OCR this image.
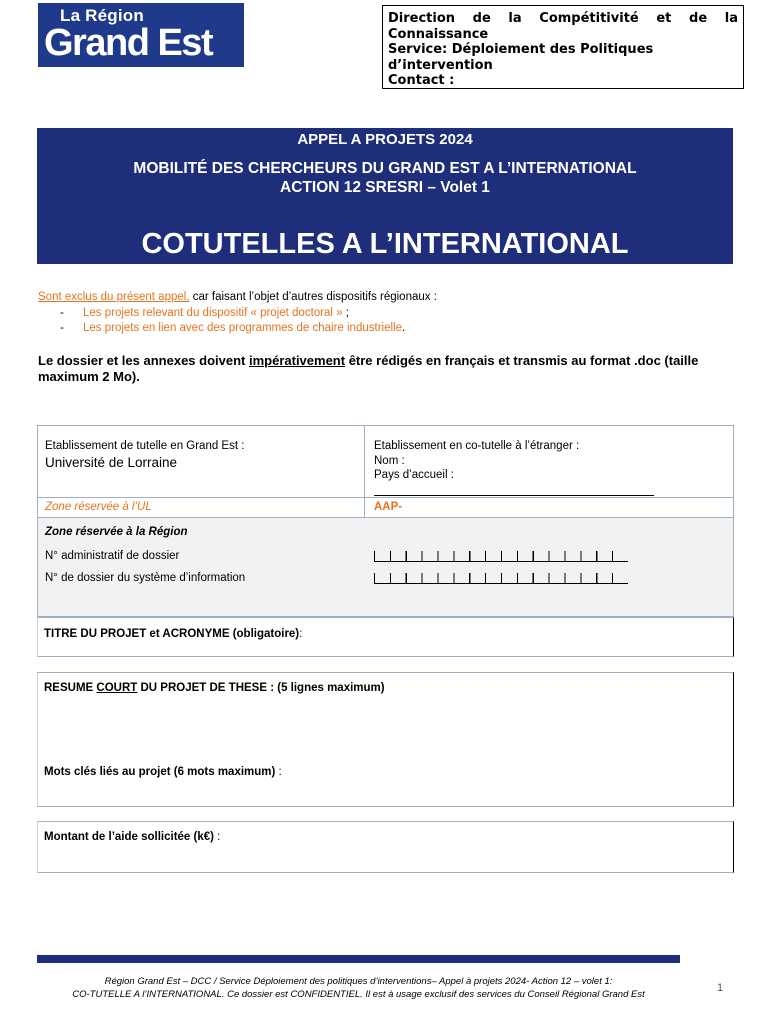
La Région
Grand Est
Direction de la Compétitivité et de la
Connaissance
Service: Déploiement des Politiques
d’intervention
Contact :
APPEL A PROJETS 2024
MOBILITÉ DES CHERCHEURS DU GRAND EST A L’INTERNATIONAL
ACTION 12 SRESRI – Volet 1
COTUTELLES A L’INTERNATIONAL
Sont exclus du présent appel, car faisant l’objet d’autres dispositifs régionaux :
- Les projets relevant du dispositif « projet doctoral » ;
- Les projets en lien avec des programmes de chaire industrielle.
Le dossier et les annexes doivent impérativement être rédigés en français et transmis au format .doc (taille maximum 2 Mo).
Etablissement de tutelle en Grand Est :
Université de Lorraine
Etablissement en co-tutelle à l’étranger :
Nom :
Pays d’accueil :
Zone réservée à l’UL	AAP-
Zone réservée à la Région
N° administratif de dossier
N° de dossier du système d’information
TITRE DU PROJET et ACRONYME (obligatoire):
RESUME COURT DU PROJET DE THESE : (5 lignes maximum)
Mots clés liés au projet (6 mots maximum) :
Montant de l’aide sollicitée (k€) :
Région Grand Est – DCC / Service Déploiement des politiques d’interventions– Appel à projets 2024- Action 12 – volet 1:
CO-TUTELLE A l’INTERNATIONAL. Ce dossier est CONFIDENTIEL. Il est à usage exclusif des services du Conseil Régional Grand Est
1
